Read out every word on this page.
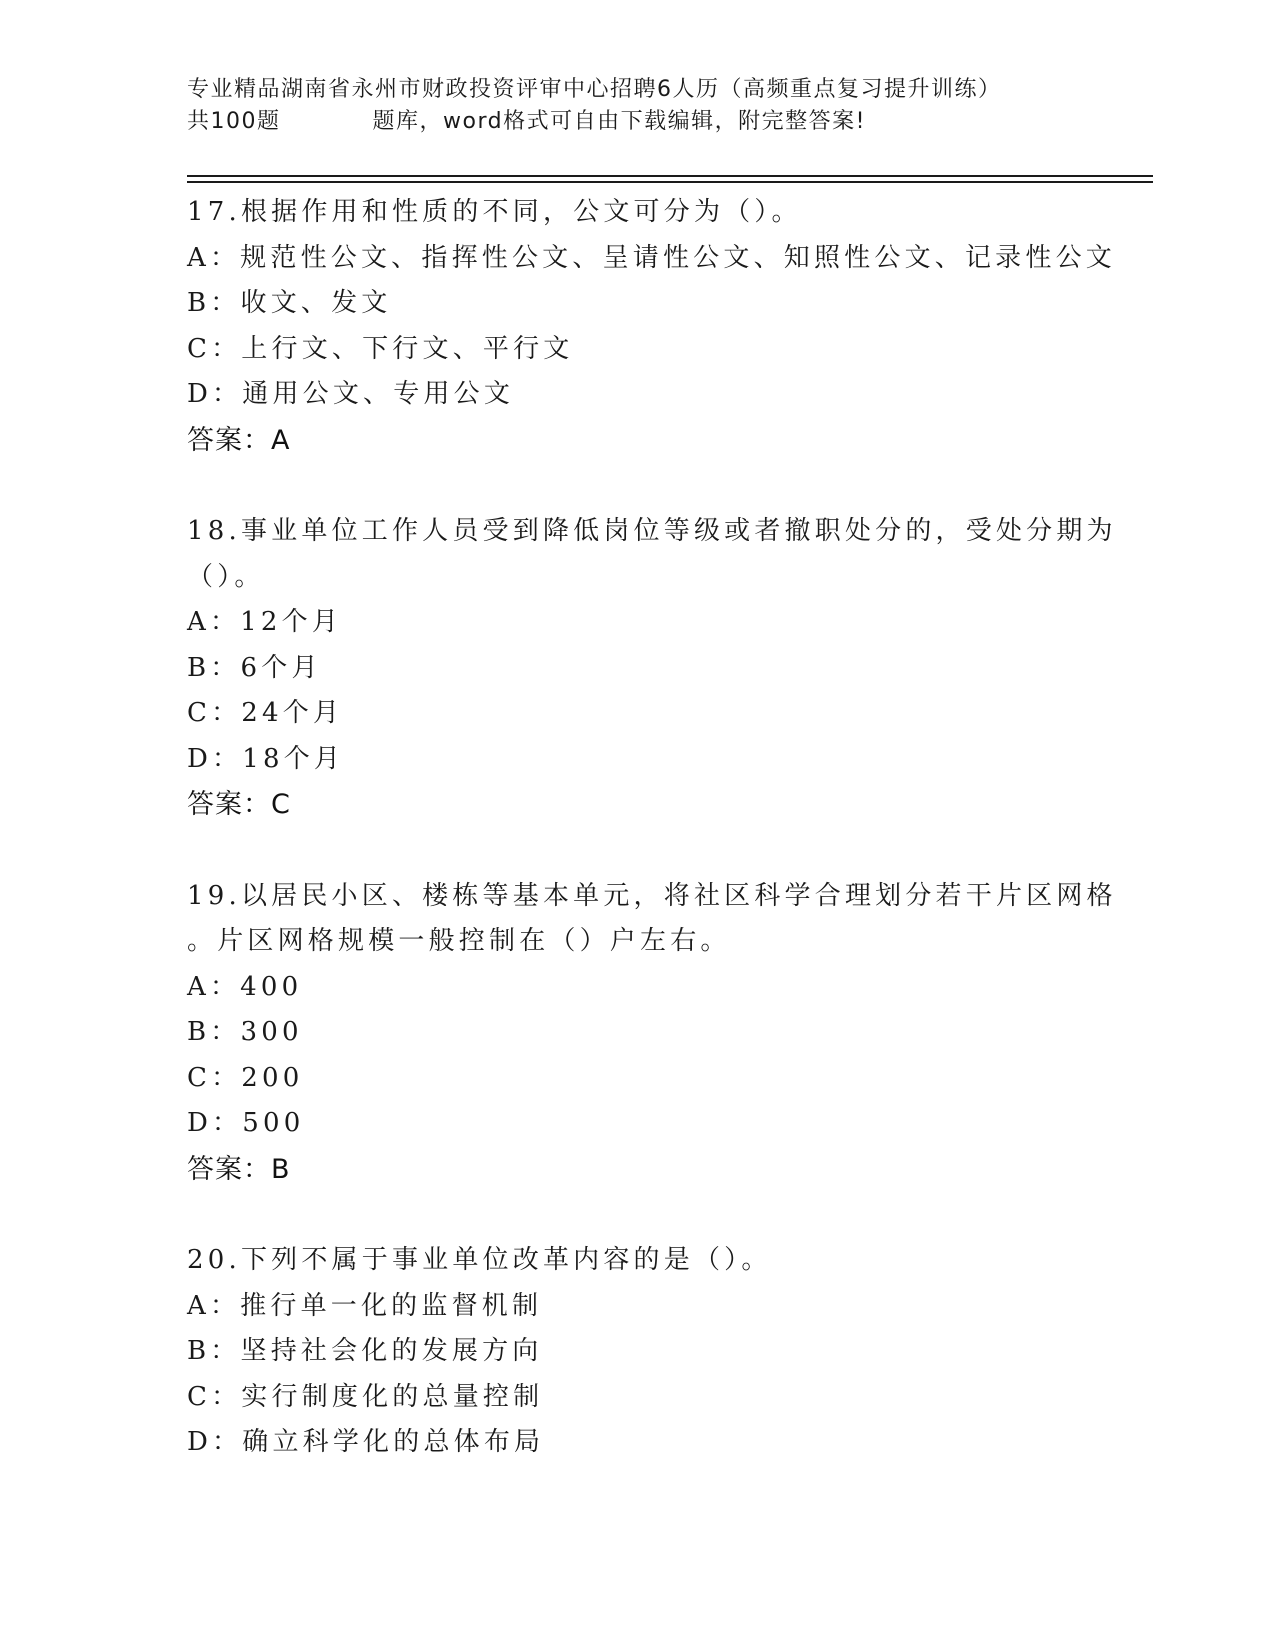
专业精品湖南省永州市财政投资评审中心招聘6人历（高频重点复习提升训练）
共100题	题库，word格式可自由下载编辑，附完整答案!
17.根据作用和性质的不同，公文可分为（）。
A：规范性公文、指挥性公文、呈请性公文、知照性公文、记录性公文
B：收文、发文
C：上行文、下行文、平行文
D：通用公文、专用公文
答案：A
18.事业单位工作人员受到降低岗位等级或者撤职处分的，受处分期为
（）。
A：12个月
B：6个月
C：24个月
D：18个月
答案：C
19.以居民小区、楼栋等基本单元，将社区科学合理划分若干片区网格
。片区网格规模一般控制在（）户左右。
A：400
B：300
C：200
D：500
答案：B
20.下列不属于事业单位改革内容的是（）。
A：推行单一化的监督机制
B：坚持社会化的发展方向
C：实行制度化的总量控制
D：确立科学化的总体布局
